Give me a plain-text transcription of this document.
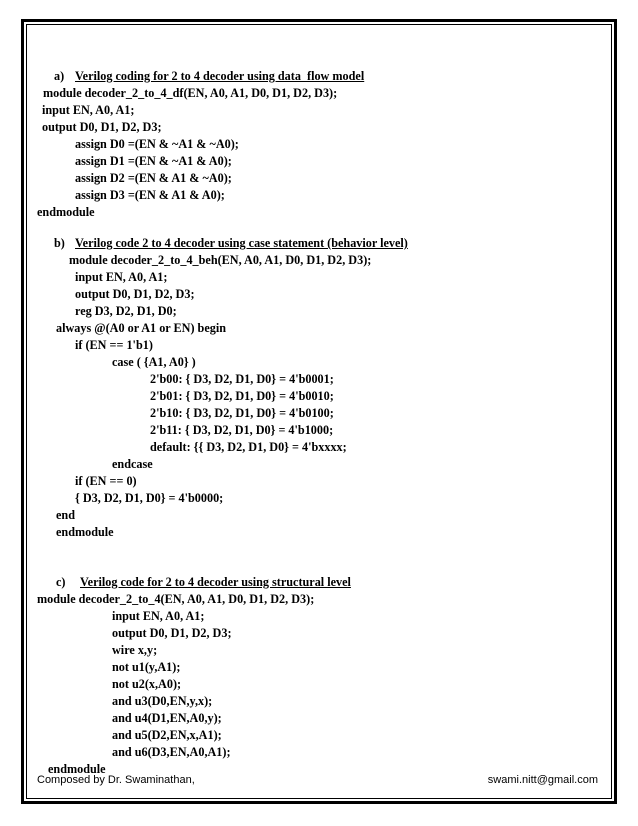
a) Verilog coding for 2 to 4 decoder using data_flow model
module decoder_2_to_4_df(EN, A0, A1, D0, D1, D2, D3);
input EN, A0, A1;
output D0, D1, D2, D3;
assign D0 =(EN & ~A1 & ~A0);
assign D1 =(EN & ~A1 & A0);
assign D2 =(EN & A1 & ~A0);
assign D3 =(EN & A1 & A0);
endmodule
b) Verilog code 2 to 4 decoder using case statement (behavior level)
module decoder_2_to_4_beh(EN, A0, A1, D0, D1, D2, D3);
input EN, A0, A1;
output D0, D1, D2, D3;
reg D3, D2, D1, D0;
always @(A0 or A1 or EN) begin
if (EN == 1'b1)
case ( {A1, A0} )
2'b00: { D3, D2, D1, D0} = 4'b0001;
2'b01: { D3, D2, D1, D0} = 4'b0010;
2'b10: { D3, D2, D1, D0} = 4'b0100;
2'b11: { D3, D2, D1, D0} = 4'b1000;
default: {{ D3, D2, D1, D0} = 4'bxxxx;
endcase
if (EN == 0)
{ D3, D2, D1, D0} = 4'b0000;
end
endmodule
c) Verilog code for 2 to 4 decoder using structural level
module decoder_2_to_4(EN, A0, A1, D0, D1, D2, D3);
input EN, A0, A1;
output D0, D1, D2, D3;
wire x,y;
not u1(y,A1);
not u2(x,A0);
and u3(D0,EN,y,x);
and u4(D1,EN,A0,y);
and u5(D2,EN,x,A1);
and u6(D3,EN,A0,A1);
endmodule
Composed by Dr. Swaminathan,	swami.nitt@gmail.com
